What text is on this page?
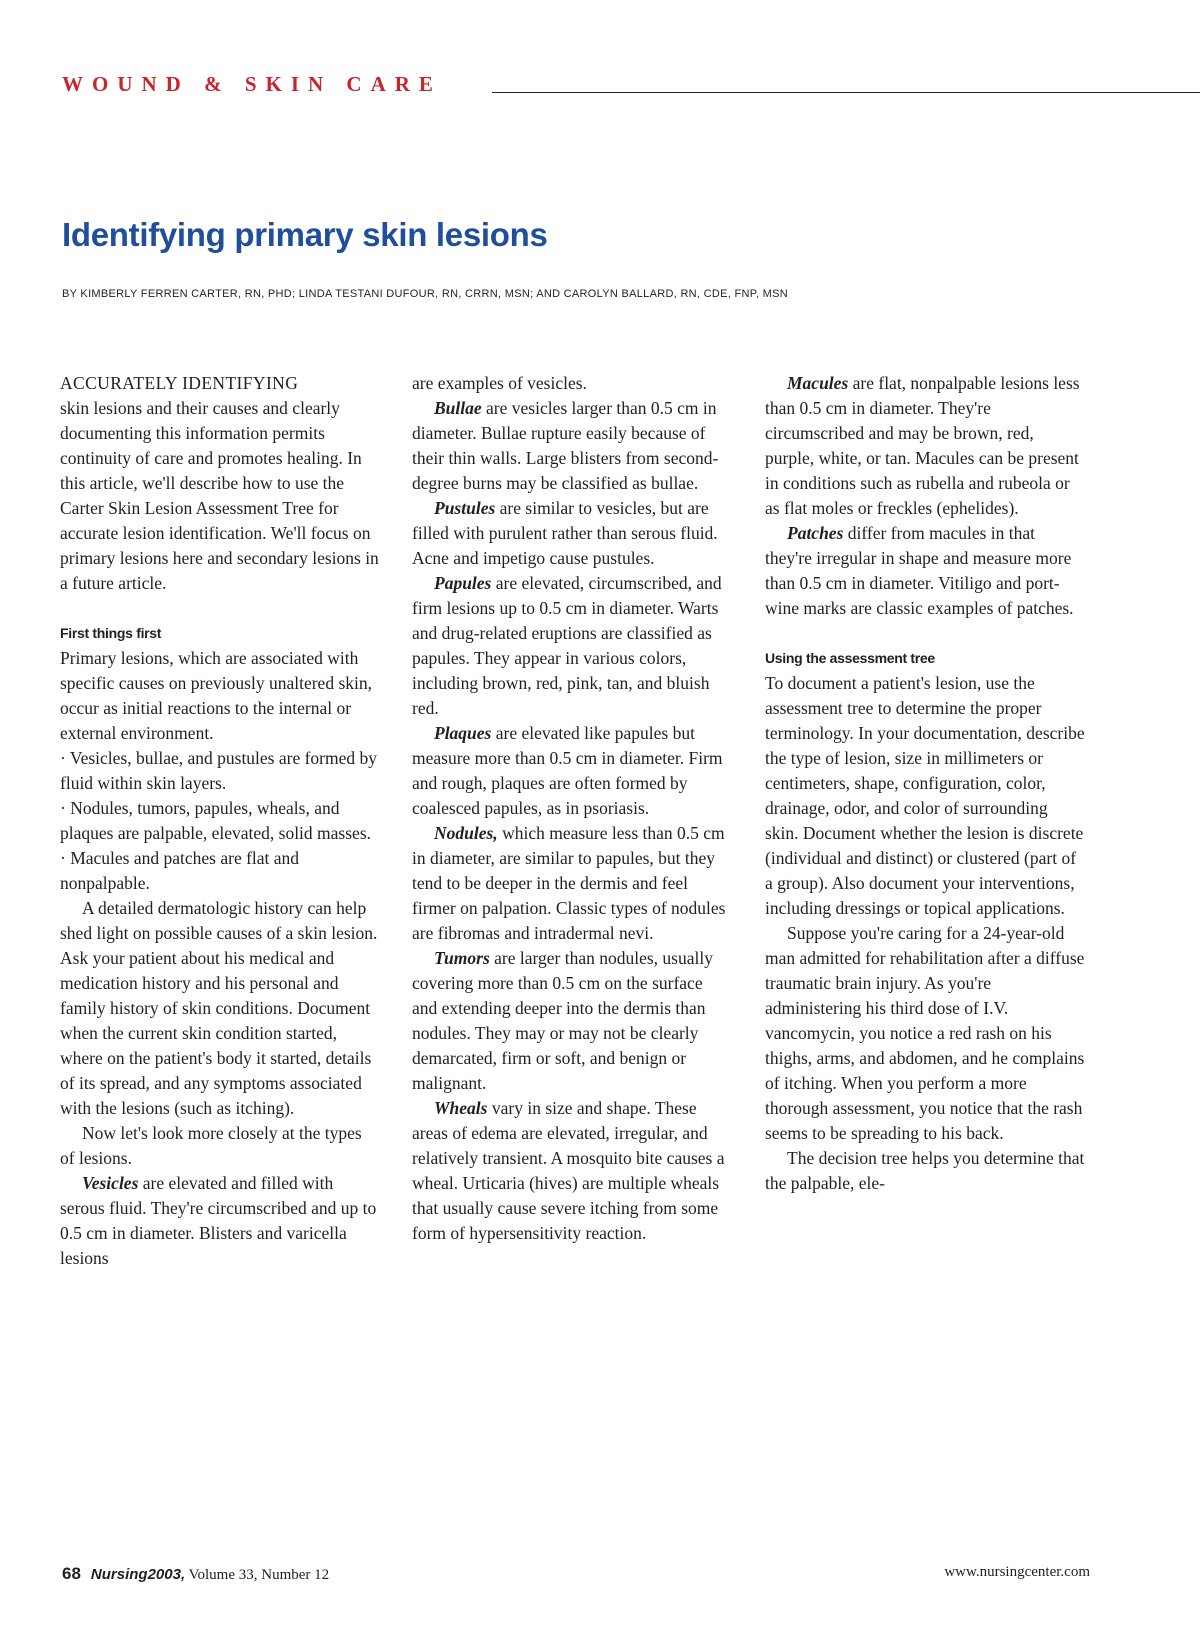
WOUND & SKIN CARE
Identifying primary skin lesions
BY KIMBERLY FERREN CARTER, RN, PHD; LINDA TESTANI DUFOUR, RN, CRRN, MSN; AND CAROLYN BALLARD, RN, CDE, FNP, MSN

ACCURATELY IDENTIFYING
skin lesions and their causes and clearly documenting this information permits continuity of care and promotes healing. In this article, we'll describe how to use the Carter Skin Lesion Assessment Tree for accurate lesion identification. We'll focus on primary lesions here and secondary lesions in a future article.

First things first

Primary lesions, which are associated with specific causes on previously unaltered skin, occur as initial reactions to the internal or external environment.

· Vesicles, bullae, and pustules are formed by fluid within skin layers.

· Nodules, tumors, papules, wheals, and plaques are palpable, elevated, solid masses.

· Macules and patches are flat and nonpalpable.

A detailed dermatologic history can help shed light on possible causes of a skin lesion. Ask your patient about his medical and medication history and his personal and family history of skin conditions. Document when the current skin condition started, where on the patient's body it started, details of its spread, and any symptoms associated with the lesions (such as itching).

Now let's look more closely at the types of lesions.

Vesicles are elevated and filled with serous fluid. They're circumscribed and up to 0.5 cm in diameter. Blisters and varicella lesions

are examples of vesicles.

Bullae are vesicles larger than 0.5 cm in diameter. Bullae rupture easily because of their thin walls. Large blisters from second-degree burns may be classified as bullae.

Pustules are similar to vesicles, but are filled with purulent rather than serous fluid. Acne and impetigo cause pustules.

Papules are elevated, circumscribed, and firm lesions up to 0.5 cm in diameter. Warts and drug-related eruptions are classified as papules. They appear in various colors, including brown, red, pink, tan, and bluish red.

Plaques are elevated like papules but measure more than 0.5 cm in diameter. Firm and rough, plaques are often formed by coalesced papules, as in psoriasis.

Nodules, which measure less than 0.5 cm in diameter, are similar to papules, but they tend to be deeper in the dermis and feel firmer on palpation. Classic types of nodules are fibromas and intradermal nevi.

Tumors are larger than nodules, usually covering more than 0.5 cm on the surface and extending deeper into the dermis than nodules. They may or may not be clearly demarcated, firm or soft, and benign or malignant.

Wheals vary in size and shape. These areas of edema are elevated, irregular, and relatively transient. A mosquito bite causes a wheal. Urticaria (hives) are multiple wheals that usually cause severe itching from some form of hypersensitivity reaction.

Macules are flat, nonpalpable lesions less than 0.5 cm in diameter. They're circumscribed and may be brown, red, purple, white, or tan. Macules can be present in conditions such as rubella and rubeola or as flat moles or freckles (ephelides).

Patches differ from macules in that they're irregular in shape and measure more than 0.5 cm in diameter. Vitiligo and port-wine marks are classic examples of patches.

Using the assessment tree

To document a patient's lesion, use the assessment tree to determine the proper terminology. In your documentation, describe the type of lesion, size in millimeters or centimeters, shape, configuration, color, drainage, odor, and color of surrounding skin. Document whether the lesion is discrete (individual and distinct) or clustered (part of a group). Also document your interventions, including dressings or topical applications.

Suppose you're caring for a 24-year-old man admitted for rehabilitation after a diffuse traumatic brain injury. As you're administering his third dose of I.V. vancomycin, you notice a red rash on his thighs, arms, and abdomen, and he complains of itching. When you perform a more thorough assessment, you notice that the rash seems to be spreading to his back.

The decision tree helps you determine that the palpable, ele-

68 Nursing2003, Volume 33, Number 12	www.nursingcenter.com
